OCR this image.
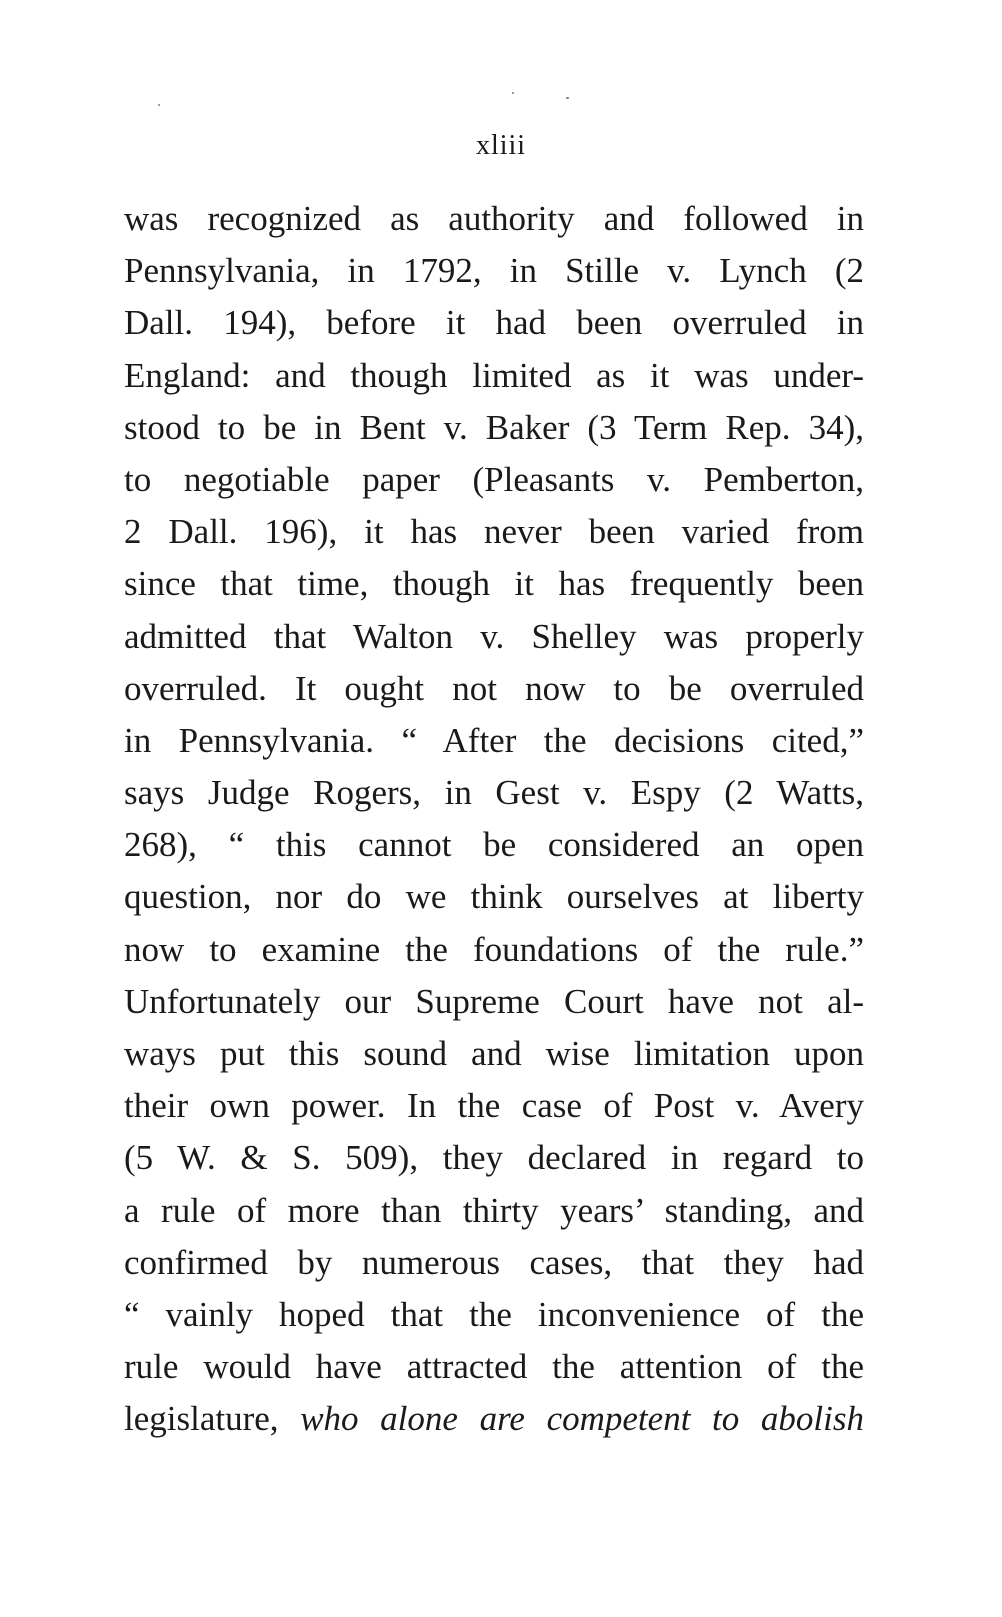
xliii
was recognized as authority and followed in
Pennsylvania, in 1792, in Stille v. Lynch (2
Dall. 194), before it had been overruled in
England: and though limited as it was under-
stood to be in Bent v. Baker (3 Term Rep. 34),
to negotiable paper (Pleasants v. Pemberton,
2 Dall. 196), it has never been varied from
since that time, though it has frequently been
admitted that Walton v. Shelley was properly
overruled. It ought not now to be overruled
in Pennsylvania. “ After the decisions cited,”
says Judge Rogers, in Gest v. Espy (2 Watts,
268), “ this cannot be considered an open
question, nor do we think ourselves at liberty
now to examine the foundations of the rule.”
Unfortunately our Supreme Court have not al-
ways put this sound and wise limitation upon
their own power. In the case of Post v. Avery
(5 W. & S. 509), they declared in regard to
a rule of more than thirty years’ standing, and
confirmed by numerous cases, that they had
“ vainly hoped that the inconvenience of the
rule would have attracted the attention of the
legislature, who alone are competent to abolish
